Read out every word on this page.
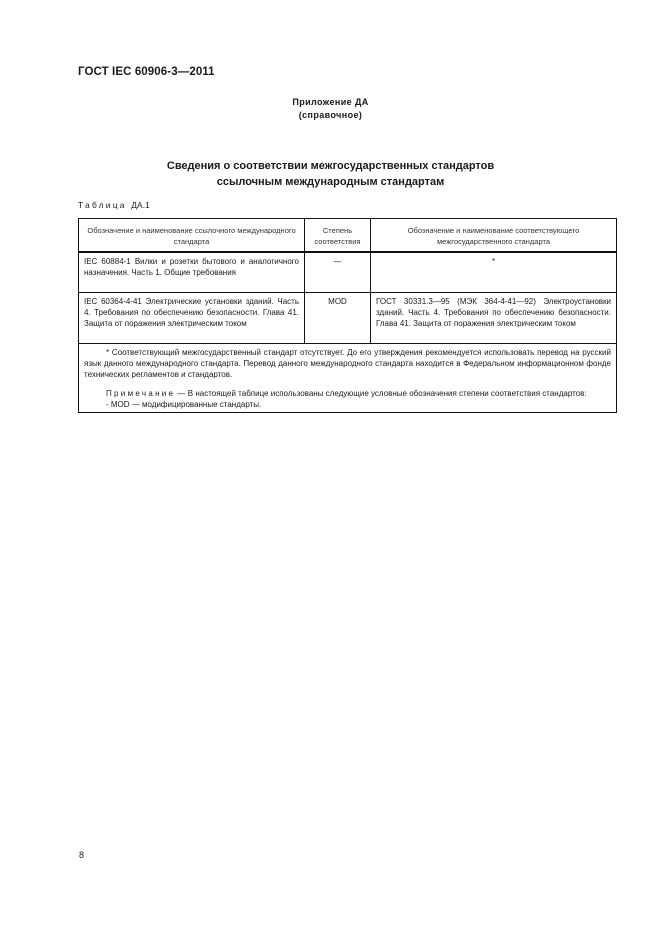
ГОСТ IEC 60906-3—2011
Приложение ДА
(справочное)
Сведения о соответствии межгосударственных стандартов
ссылочным международным стандартам
Таблица ДА.1
Обозначение и наименование ссылочного международного стандарта	Степень соответствия	Обозначение и наименование соответствующего межгосударственного стандарта
IEC 60884-1 Вилки и розетки бытового и аналогичного назначения. Часть 1. Общие требования	—	*
IEC 60364-4-41 Электрические установки зданий. Часть 4. Требования по обеспечению безопасности. Глава 41. Защита от поражения электрическим током	MOD	ГОСТ 30331.3—95 (МЭК 364-4-41—92) Электроустановки зданий. Часть 4. Требования по обеспечению безопасности. Глава 41. Защита от поражения электрическим током

* Соответствующий межгосударственный стандарт отсутствует. До его утверждения рекомендуется использовать перевод на русский язык данного международного стандарта. Перевод данного международного стандарта находится в Федеральном информационном фонде технических регламентов и стандартов.

Примечание — В настоящей таблице использованы следующие условные обозначения степени соответствия стандартов:

- MOD — модифицированные стандарты.		

8
